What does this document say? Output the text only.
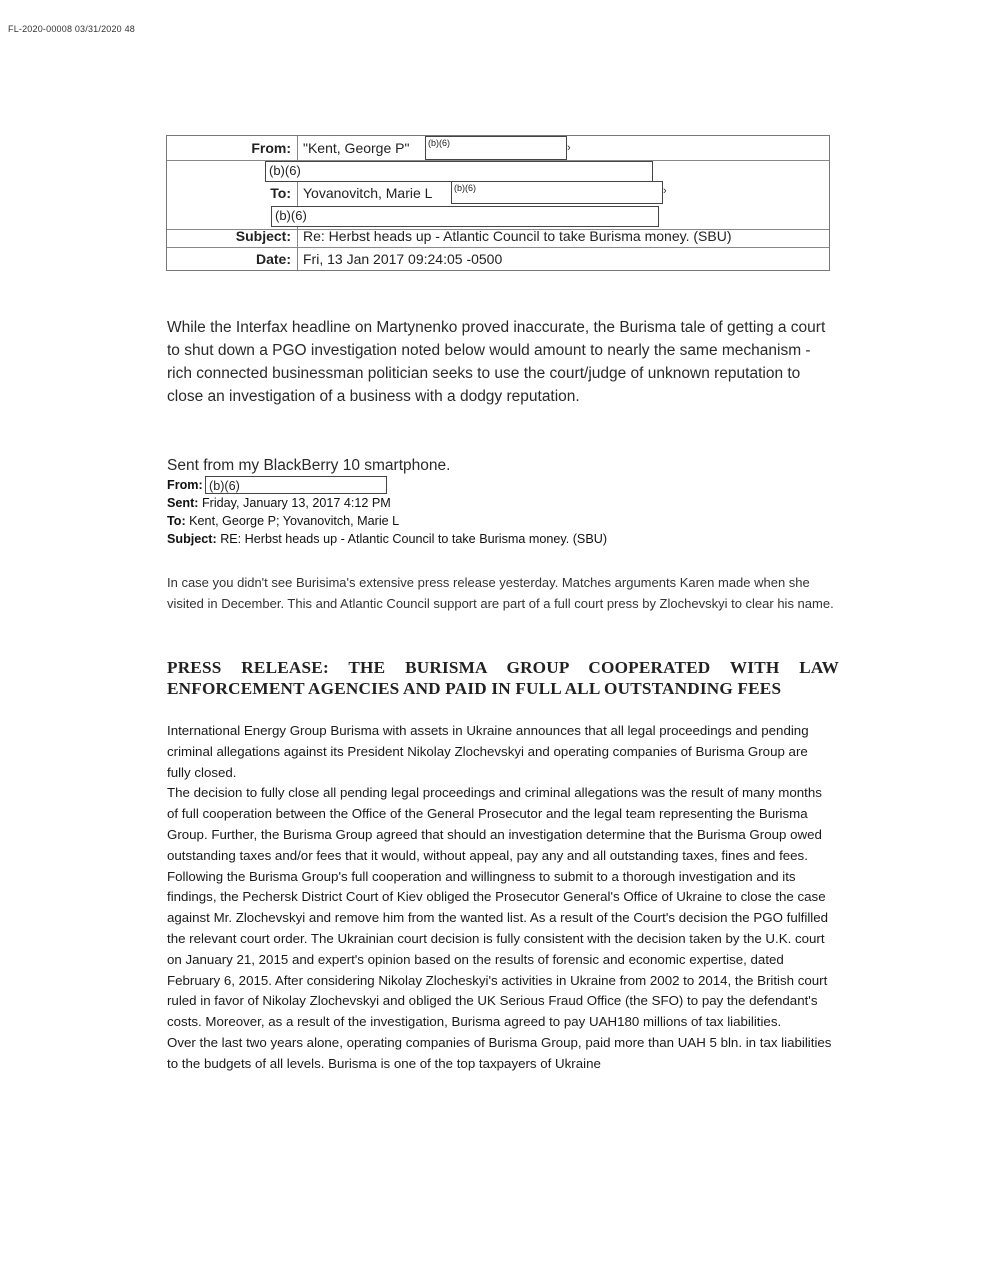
FL-2020-00008 03/31/2020 48
From: "Kent, George P" (b)(6)	›
(b)(6)
To: Yovanovitch, Marie L (b)(6)	›
(b)(6)
Subject: Re: Herbst heads up - Atlantic Council to take Burisma money. (SBU)
Date: Fri, 13 Jan 2017 09:24:05 -0500
While the Interfax headline on Martynenko proved inaccurate, the Burisma tale of getting a court to shut down a PGO investigation noted below would amount to nearly the same mechanism - rich connected businessman politician seeks to use the court/judge of unknown reputation to close an investigation of a business with a dodgy reputation.
Sent from my BlackBerry 10 smartphone.
From: (b)(6)
Sent: Friday, January 13, 2017 4:12 PM
To: Kent, George P; Yovanovitch, Marie L
Subject: RE: Herbst heads up - Atlantic Council to take Burisma money. (SBU)
In case you didn't see Burisima's extensive press release yesterday. Matches arguments Karen made when she visited in December. This and Atlantic Council support are part of a full court press by Zlochevskyi to clear his name.
PRESS RELEASE: THE BURISMA GROUP COOPERATED WITH LAW
ENFORCEMENT AGENCIES AND PAID IN FULL ALL OUTSTANDING FEES

International Energy Group Burisma with assets in Ukraine announces that all legal proceedings and pending criminal allegations against its President Nikolay Zlochevskyi and operating companies of Burisma Group are fully closed.

The decision to fully close all pending legal proceedings and criminal allegations was the result of many months of full cooperation between the Office of the General Prosecutor and the legal team representing the Burisma Group. Further, the Burisma Group agreed that should an investigation determine that the Burisma Group owed outstanding taxes and/or fees that it would, without appeal, pay any and all outstanding taxes, fines and fees.

Following the Burisma Group's full cooperation and willingness to submit to a thorough investigation and its findings, the Pechersk District Court of Kiev obliged the Prosecutor General's Office of Ukraine to close the case against Mr. Zlochevskyi and remove him from the wanted list. As a result of the Court's decision the PGO fulfilled the relevant court order. The Ukrainian court decision is fully consistent with the decision taken by the U.K. court on January 21, 2015 and expert's opinion based on the results of forensic and economic expertise, dated February 6, 2015. After considering Nikolay Zlocheskyi's activities in Ukraine from 2002 to 2014, the British court ruled in favor of Nikolay Zlochevskyi and obliged the UK Serious Fraud Office (the SFO) to pay the defendant's costs. Moreover, as a result of the investigation, Burisma agreed to pay UAH180 millions of tax liabilities.

Over the last two years alone, operating companies of Burisma Group, paid more than UAH 5 bln. in tax liabilities to the budgets of all levels. Burisma is one of the top taxpayers of Ukraine
